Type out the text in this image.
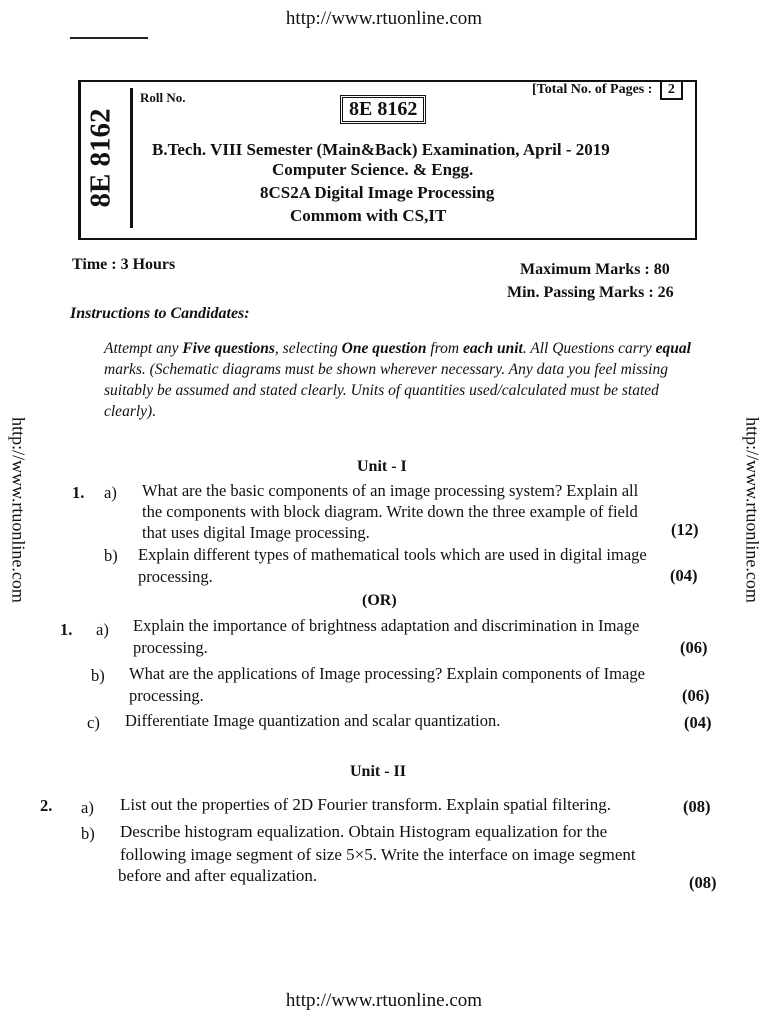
http://www.rtuonline.com
http://www.rtuonline.com	http://www.rtuonline.com
http://www.rtuonline.com
8E 8162
Roll No.
[Total No. of Pages : 2
8E 8162
B.Tech. VIII Semester (Main&Back) Examination, April - 2019
Computer Science. & Engg.
8CS2A Digital Image Processing
Commom with CS,IT
Time : 3 Hours	Maximum Marks : 80
Min. Passing Marks : 26
Instructions to Candidates:
Attempt any Five questions, selecting One question from each unit. All Questions carry equal marks. (Schematic diagrams must be shown wherever necessary. Any data you feel missing suitably be assumed and stated clearly. Units of quantities used/calculated must be stated clearly).
Unit - I
1. a) What are the basic components of an image processing system? Explain all
the components with block diagram. Write down the three example of field
that uses digital Image processing.	(12)
b) Explain different types of mathematical tools which are used in digital image
processing.	(04)
(OR)
1. a) Explain the importance of brightness adaptation and discrimination in Image
processing.	(06)
b) What are the applications of Image processing? Explain components of Image
processing.	(06)
c) Differentiate Image quantization and scalar quantization.	(04)
Unit - II
2. a) List out the properties of 2D Fourier transform. Explain spatial filtering.	(08)
b) Describe histogram equalization. Obtain Histogram equalization for the
following image segment of size 5×5. Write the interface on image segment
before and after equalization.	(08)
